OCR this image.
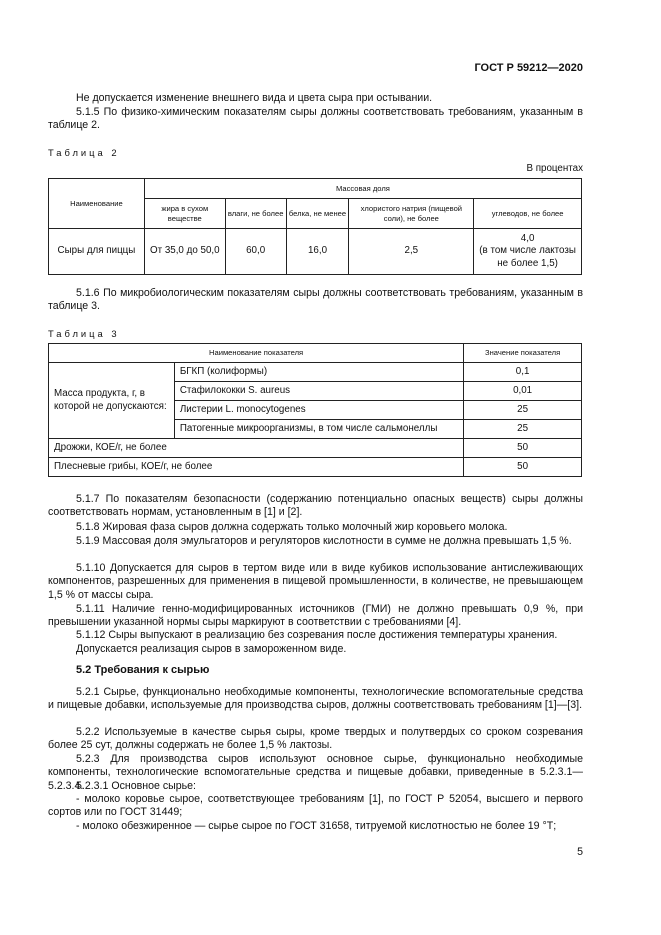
ГОСТ Р 59212—2020
Не допускается изменение внешнего вида и цвета сыра при остывании.
5.1.5 По физико-химическим показателям сыры должны соответствовать требованиям, указанным в таблице 2.
Таблица 2
В процентах
Наименование	Массовая доля				
	жира в сухом веществе	влаги, не более	белка, не менее	хлористого натрия (пищевой соли), не более	углеводов, не более
Сыры для пиццы	От 35,0 до 50,0	60,0	16,0	2,5	4,0
(в том числе лактозы не более 1,5)
5.1.6 По микробиологическим показателям сыры должны соответствовать требованиям, указанным в таблице 3.
Таблица 3
Наименование показателя		Значение показателя
Масса продукта, г, в которой не допускаются:	БГКП (колиформы)	0,1
	Стафилококки S. aureus	0,01
	Листерии L. monocytogenes	25
	Патогенные микроорганизмы, в том числе сальмонеллы	25
Дрожжи, КОЕ/г, не более		50
Плесневые грибы, КОЕ/г, не более		50
5.1.7 По показателям безопасности (содержанию потенциально опасных веществ) сыры должны соответствовать нормам, установленным в [1] и [2].
5.1.8 Жировая фаза сыров должна содержать только молочный жир коровьего молока.
5.1.9 Массовая доля эмульгаторов и регуляторов кислотности в сумме не должна превышать 1,5 %.
5.1.10 Допускается для сыров в тертом виде или в виде кубиков использование антислеживающих компонентов, разрешенных для применения в пищевой промышленности, в количестве, не превышающем 1,5 % от массы сыра.
5.1.11 Наличие генно-модифицированных источников (ГМИ) не должно превышать 0,9 %, при превышении указанной нормы сыры маркируют в соответствии с требованиями [4].
5.1.12 Сыры выпускают в реализацию без созревания после достижения температуры хранения.
Допускается реализация сыров в замороженном виде.
5.2 Требования к сырью
5.2.1 Сырье, функционально необходимые компоненты, технологические вспомогательные средства и пищевые добавки, используемые для производства сыров, должны соответствовать требованиям [1]—[3].
5.2.2 Используемые в качестве сырья сыры, кроме твердых и полутвердых со сроком созревания более 25 сут, должны содержать не более 1,5 % лактозы.
5.2.3 Для производства сыров используют основное сырье, функционально необходимые компоненты, технологические вспомогательные средства и пищевые добавки, приведенные в 5.2.3.1—5.2.3.4.
5.2.3.1 Основное сырье:
- молоко коровье сырое, соответствующее требованиям [1], по ГОСТ Р 52054, высшего и первого сортов или по ГОСТ 31449;
- молоко обезжиренное — сырье сырое по ГОСТ 31658, титруемой кислотностью не более 19 °Т;
5
